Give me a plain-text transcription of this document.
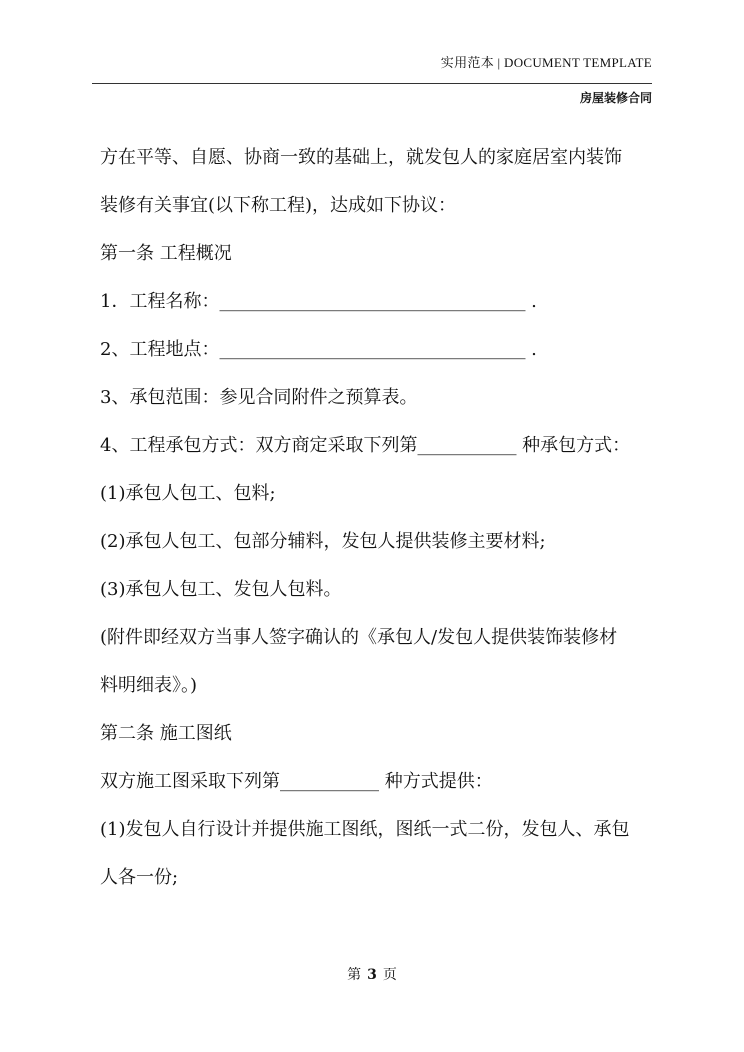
实用范本 | DOCUMENT TEMPLATE
房屋装修合同
方在平等、自愿、协商一致的基础上，就发包人的家庭居室内装饰
装修有关事宜(以下称工程)，达成如下协议：
第一条 工程概况
1．工程名称：__________________________________ .
2、工程地点：__________________________________ .
3、承包范围：参见合同附件之预算表。
4、工程承包方式：双方商定采取下列第___________ 种承包方式：
(1)承包人包工、包料;
(2)承包人包工、包部分辅料，发包人提供装修主要材料;
(3)承包人包工、发包人包料。
(附件即经双方当事人签字确认的《承包人/发包人提供装饰装修材
料明细表》。)
第二条 施工图纸
双方施工图采取下列第___________ 种方式提供：
(1)发包人自行设计并提供施工图纸，图纸一式二份，发包人、承包
人各一份;
第 3 页
